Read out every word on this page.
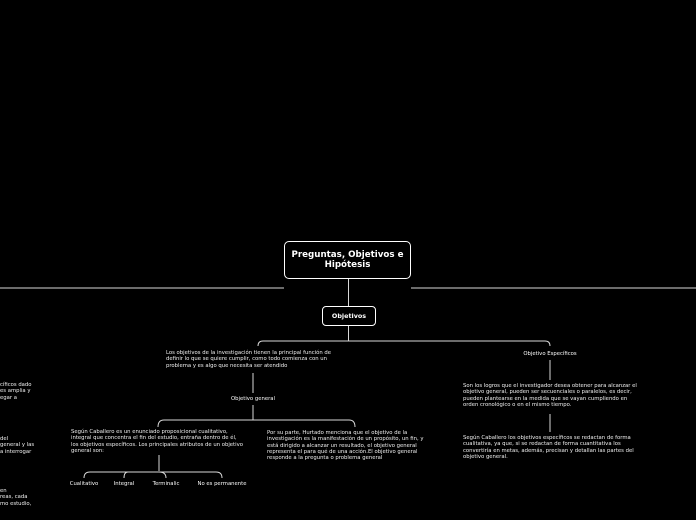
Preguntas, Objetivos e Hipótesis
Objetivos
Los objetivos de la investigación tienen la principal función de definir lo que se quiere cumplir, como todo comienza con un problema y es algo que necesita ser atendido
Objetivo general
Objetivo Específicos
Son los logros que el investigador desea obtener para alcanzar el objetivo general, pueden ser secuenciales o paralelos, es decir, pueden plantearse en la medida que se vayan cumpliendo en orden cronológico o en el mismo tiempo.
Según Caballero los objetivos específicos se redactan de forma cualitativa, ya que, si se redactan de forma cuantitativa los convertiría en metas, además, precisan y detallan las partes del objetivo general.
Según Caballero es un enunciado proposicional cualitativo, integral que concentra el fin del estudio, entraña dentro de él, los objetivos específicos. Los principales atributos de un objetivo general son:
Por su parte, Hurtado menciona que el objetivo de la investigación es la manifestación de un propósito, un fin, y está dirigido a alcanzar un resultado, el objetivo general representa el para qué de una acción.El objetivo general responde a la pregunta o problema general
Cualitativo	Integral	Terminalic	No es permanente
cíficos dado
es amplia y
egar a
del
general y las
a interrogar
en
reas, cada
mo estudio,
